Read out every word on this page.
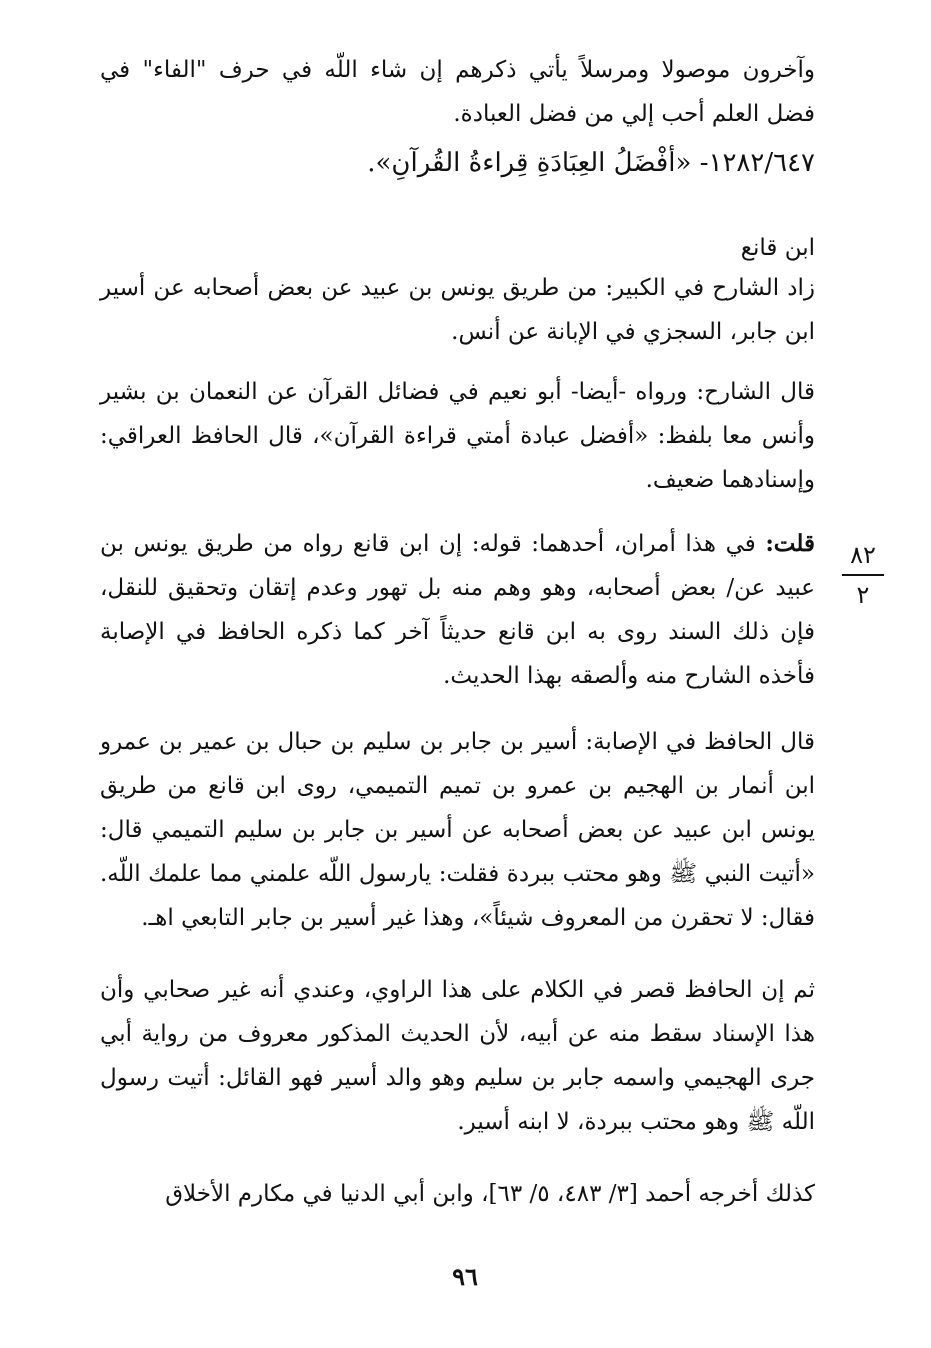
وآخرون موصولا ومرسلاً يأتي ذكرهم إن شاء اللّه في حرف "الفاء" في فضل العلم أحب إلي من فضل العبادة.

١٢٨٢/٦٤٧- «أفْضَلُ العِبَادَةِ قِراءةُ القُرآنِ».

ابن قانع

زاد الشارح في الكبير: من طريق يونس بن عبيد عن بعض أصحابه عن أسير ابن جابر، السجزي في الإبانة عن أنس.

قال الشارح: ورواه -أيضا- أبو نعيم في فضائل القرآن عن النعمان بن بشير وأنس معا بلفظ: «أفضل عبادة أمتي قراءة القرآن»، قال الحافظ العراقي: وإسنادهما ضعيف.

قلت: في هذا أمران، أحدهما: قوله: إن ابن قانع رواه من طريق يونس بن عبيد عن/ بعض أصحابه، وهو وهم منه بل تهور وعدم إتقان وتحقيق للنقل، فإن ذلك السند روى به ابن قانع حديثاً آخر كما ذكره الحافظ في الإصابة فأخذه الشارح منه وألصقه بهذا الحديث.

قال الحافظ في الإصابة: أسير بن جابر بن سليم بن حبال بن عمير بن عمرو ابن أنمار بن الهجيم بن عمرو بن تميم التميمي، روى ابن قانع من طريق يونس ابن عبيد عن بعض أصحابه عن أسير بن جابر بن سليم التميمي قال: «أتيت النبي ﷺ وهو محتب ببردة فقلت: يارسول اللّه علمني مما علمك اللّه. فقال: لا تحقرن من المعروف شيئاً»، وهذا غير أسير بن جابر التابعي اهـ.

ثم إن الحافظ قصر في الكلام على هذا الراوي، وعندي أنه غير صحابي وأن هذا الإسناد سقط منه عن أبيه، لأن الحديث المذكور معروف من رواية أبي جرى الهجيمي واسمه جابر بن سليم وهو والد أسير فهو القائل: أتيت رسول اللّه ﷺ وهو محتب ببردة، لا ابنه أسير.

كذلك أخرجه أحمد [٣/ ٤٨٣، ٥/ ٦٣]، وابن أبي الدنيا في مكارم الأخلاق

٨٢
٢
٩٦
